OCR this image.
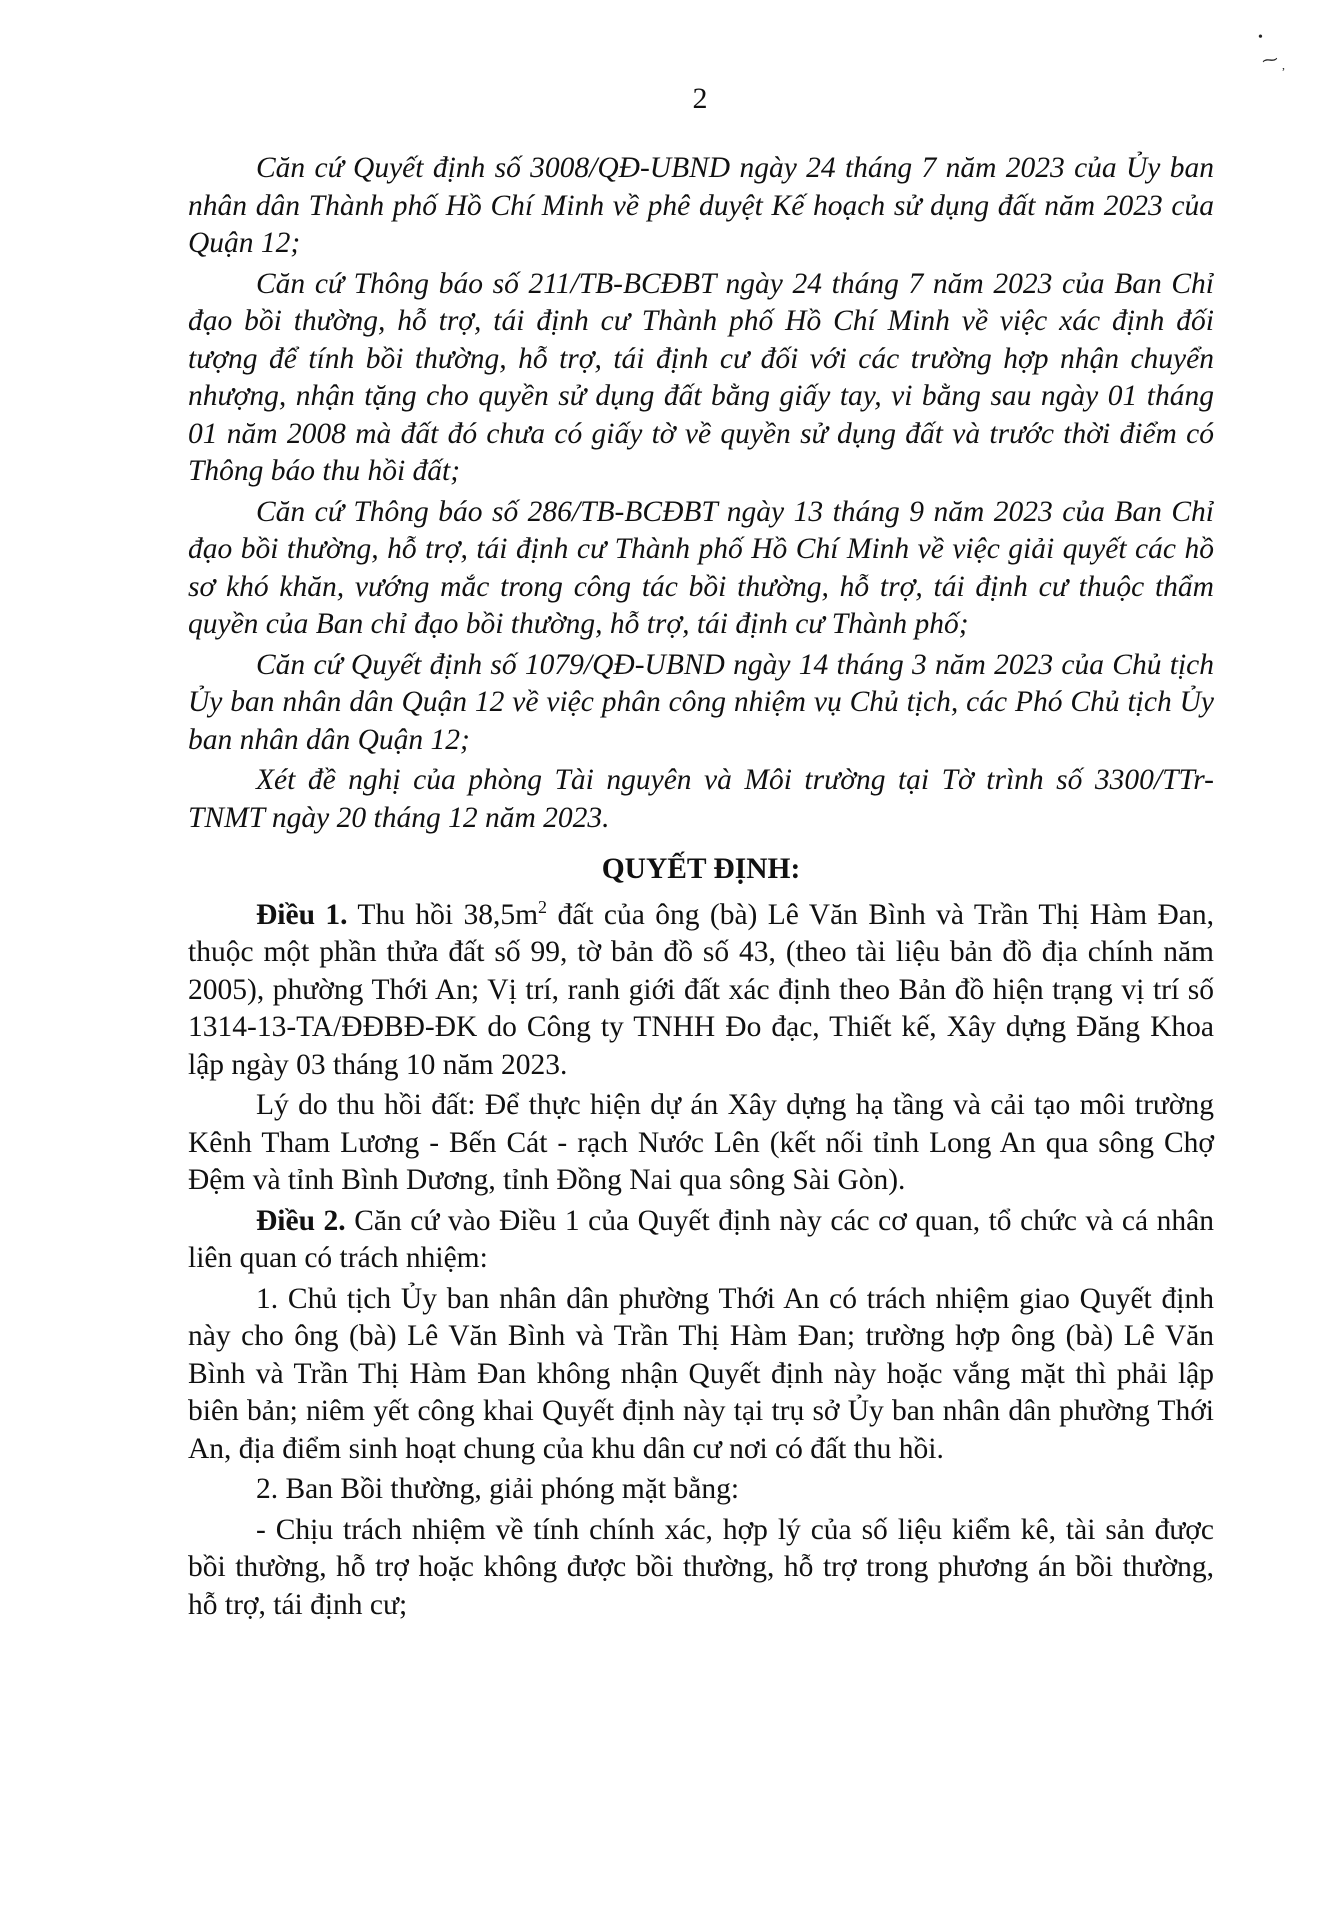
•
⁓ ,
2

Căn cứ Quyết định số 3008/QĐ-UBND ngày 24 tháng 7 năm 2023 của Ủy ban nhân dân Thành phố Hồ Chí Minh về phê duyệt Kế hoạch sử dụng đất năm 2023 của Quận 12;

Căn cứ Thông báo số 211/TB-BCĐBT ngày 24 tháng 7 năm 2023 của Ban Chỉ đạo bồi thường, hỗ trợ, tái định cư Thành phố Hồ Chí Minh về việc xác định đối tượng để tính bồi thường, hỗ trợ, tái định cư đối với các trường hợp nhận chuyển nhượng, nhận tặng cho quyền sử dụng đất bằng giấy tay, vi bằng sau ngày 01 tháng 01 năm 2008 mà đất đó chưa có giấy tờ về quyền sử dụng đất và trước thời điểm có Thông báo thu hồi đất;

Căn cứ Thông báo số 286/TB-BCĐBT ngày 13 tháng 9 năm 2023 của Ban Chỉ đạo bồi thường, hỗ trợ, tái định cư Thành phố Hồ Chí Minh về việc giải quyết các hồ sơ khó khăn, vướng mắc trong công tác bồi thường, hỗ trợ, tái định cư thuộc thẩm quyền của Ban chỉ đạo bồi thường, hỗ trợ, tái định cư Thành phố;

Căn cứ Quyết định số 1079/QĐ-UBND ngày 14 tháng 3 năm 2023 của Chủ tịch Ủy ban nhân dân Quận 12 về việc phân công nhiệm vụ Chủ tịch, các Phó Chủ tịch Ủy ban nhân dân Quận 12;

Xét đề nghị của phòng Tài nguyên và Môi trường tại Tờ trình số 3300/TTr-TNMT ngày 20 tháng 12 năm 2023.

QUYẾT ĐỊNH:

Điều 1. Thu hồi $38,5m^2$ đất của ông (bà) Lê Văn Bình và Trần Thị Hàm Đan, thuộc một phần thửa đất số 99, tờ bản đồ số 43, (theo tài liệu bản đồ địa chính năm 2005), phường Thới An; Vị trí, ranh giới đất xác định theo Bản đồ hiện trạng vị trí số 1314-13-TA/ĐĐBĐ-ĐK do Công ty TNHH Đo đạc, Thiết kế, Xây dựng Đăng Khoa lập ngày 03 tháng 10 năm 2023.

Lý do thu hồi đất: Để thực hiện dự án Xây dựng hạ tầng và cải tạo môi trường Kênh Tham Lương - Bến Cát - rạch Nước Lên (kết nối tỉnh Long An qua sông Chợ Đệm và tỉnh Bình Dương, tỉnh Đồng Nai qua sông Sài Gòn).

Điều 2. Căn cứ vào Điều 1 của Quyết định này các cơ quan, tổ chức và cá nhân liên quan có trách nhiệm:

1. Chủ tịch Ủy ban nhân dân phường Thới An có trách nhiệm giao Quyết định này cho ông (bà) Lê Văn Bình và Trần Thị Hàm Đan; trường hợp ông (bà) Lê Văn Bình và Trần Thị Hàm Đan không nhận Quyết định này hoặc vắng mặt thì phải lập biên bản; niêm yết công khai Quyết định này tại trụ sở Ủy ban nhân dân phường Thới An, địa điểm sinh hoạt chung của khu dân cư nơi có đất thu hồi.

2. Ban Bồi thường, giải phóng mặt bằng:

- Chịu trách nhiệm về tính chính xác, hợp lý của số liệu kiểm kê, tài sản được bồi thường, hỗ trợ hoặc không được bồi thường, hỗ trợ trong phương án bồi thường, hỗ trợ, tái định cư;
